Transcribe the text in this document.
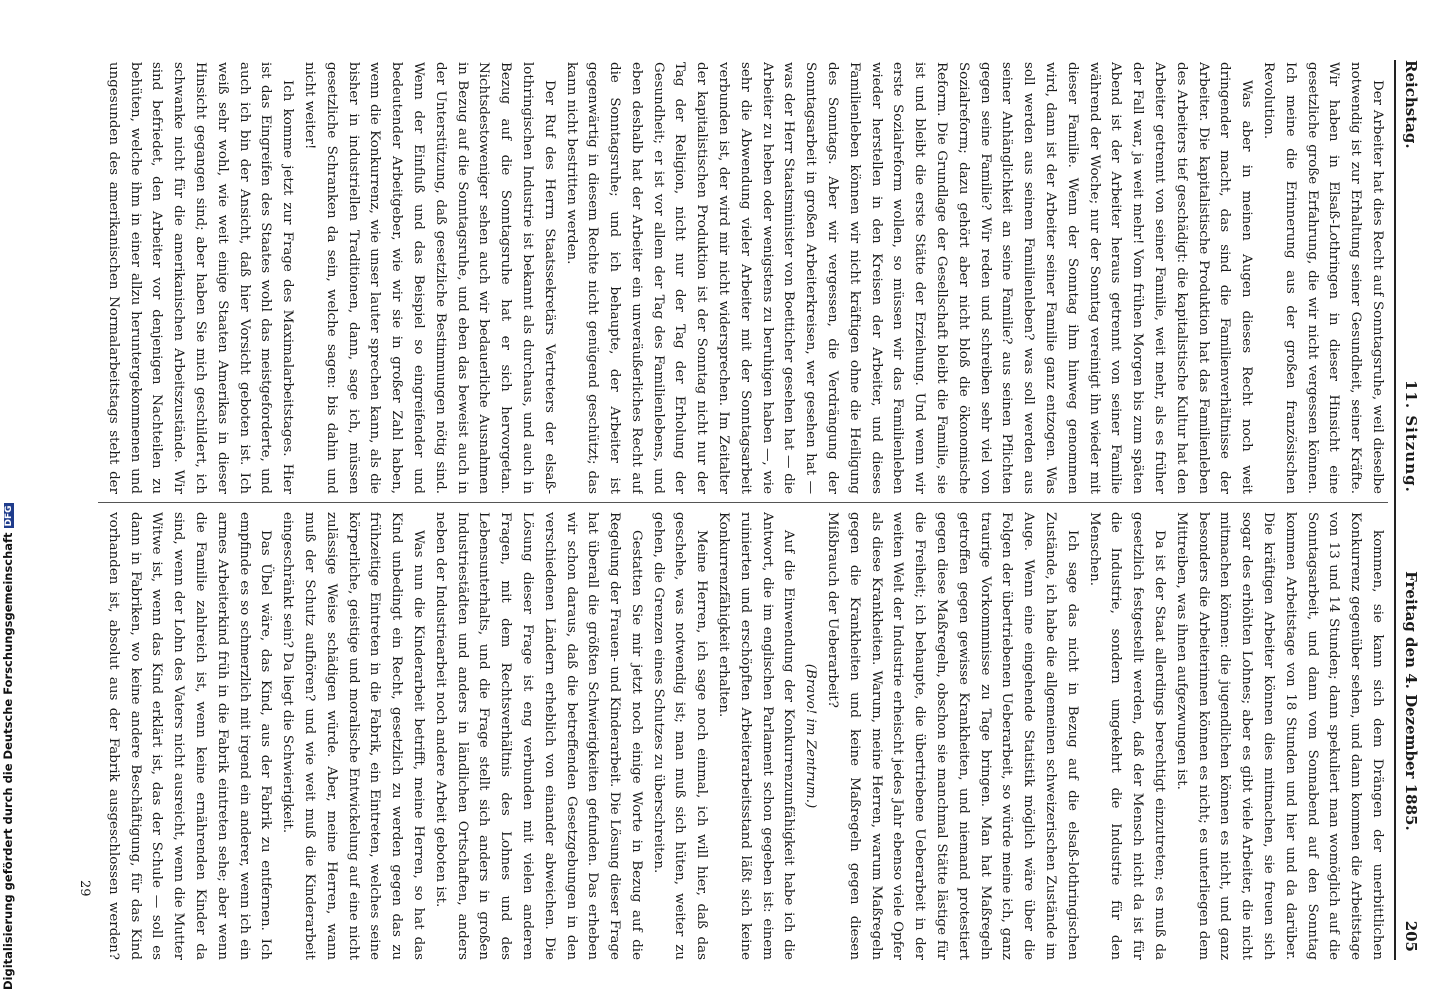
Reichstag.
11. Sitzung.
Freitag den 4. Dezember 1885.205

Der Arbeiter hat dies Recht auf Sonntagsruhe, weil dieselbe notwendig ist zur Erhaltung seiner Gesundheit, seiner Kräfte. Wir haben in Elsaß-Lothringen in dieser Hinsicht eine gesetzliche große Erfahrung, die wir nicht vergessen können. Ich meine die Erinnerung aus der großen französischen Revolution.

Was aber in meinen Augen dieses Recht noch weit dringender macht, das sind die Familienverhältnisse der Arbeiter. Die kapitalistische Produktion hat das Familienleben des Arbeiters tief geschädigt: die kapitalistische Kultur hat den Arbeiter getrennt von seiner Familie, weit mehr, als es früher der Fall war, ja weit mehr! Vom frühen Morgen bis zum späten Abend ist der Arbeiter heraus getrennt von seiner Familie während der Woche; nur der Sonntag vereinigt ihn wieder mit dieser Familie. Wenn der Sonntag ihm hinweg genommen wird, dann ist der Arbeiter seiner Familie ganz entzogen. Was soll werden aus seinem Familienleben? was soll werden aus seiner Anhänglichkeit an seine Familie? aus seinen Pflichten gegen seine Familie? Wir reden und schreiben sehr viel von Sozialreform; dazu gehört aber nicht bloß die ökonomische Reform. Die Grundlage der Gesellschaft bleibt die Familie, sie ist und bleibt die erste Stätte der Erziehung. Und wenn wir erste Sozialreform wollen, so müssen wir das Familienleben wieder herstellen in den Kreisen der Arbeiter, und dieses Familienleben können wir nicht kräftigen ohne die Heiligung des Sonntags. Aber wir vergessen, die Verdrängung der Sonntagsarbeit in großen Arbeiterkreisen, wer gesehen hat — was der Herr Staatsminister von Boetticher gesehen hat — die Arbeiter zu heben oder wenigstens zu beruhigen haben —, wie sehr die Abwendung vieler Arbeiter mit der Sonntagsarbeit verbunden ist, der wird mir nicht widersprechen. Im Zeitalter der kapitalistischen Produktion ist der Sonntag nicht nur der Tag der Religion, nicht nur der Tag der Erholung der Gesundheit; er ist vor allem der Tag des Familienlebens, und eben deshalb hat der Arbeiter ein unveräußerliches Recht auf die Sonntagsruhe; und ich behaupte, der Arbeiter ist gegenwärtig in diesem Rechte nicht genügend geschützt; das kann nicht bestritten werden.

Der Ruf des Herrn Staatssekretärs Vertreters der elsaß-lothringischen Industrie ist bekannt als durchaus, und auch in Bezug auf die Sonntagsruhe hat er sich hervorgetan. Nichtsdestoweniger sehen auch wir bedauerliche Ausnahmen in Bezug auf die Sonntagsruhe, und eben das beweist auch in der Unterstützung, daß gesetzliche Bestimmungen nötig sind. Wenn der Einfluß und das Beispiel so eingreifender und bedeutender Arbeitgeber, wie wir sie in großer Zahl haben, wenn die Konkurrenz, wie unser lauter sprechen kann, als die bisher in industriellen Traditionen, dann, sage ich, müssen gesetzliche Schranken da sein, welche sagen: bis dahin und nicht weiter!

Ich komme jetzt zur Frage des Maximalarbeitstages. Hier ist das Eingreifen des Staates wohl das meistgeforderte, und auch ich bin der Ansicht, daß hier Vorsicht geboten ist. Ich weiß sehr wohl, wie weit einige Staaten Amerikas in dieser Hinsicht gegangen sind; aber haben Sie mich geschildert, ich schwanke nicht für die amerikanischen Arbeitszustände. Wir sind befriedet, den Arbeiter vor denjenigen Nachteilen zu behüten, welche ihm in einer allzu heruntergekommenen und ungesunden des amerikanischen Normalarbeitstags steht der

kommen, sie kann sich dem Drängen der unerbittlichen Konkurrenz gegenüber sehen, und dann kommen die Arbeitstage von 13 und 14 Stunden; dann spekuliert man womöglich auf die Sonntagsarbeit, und dann vom Sonnabend auf den Sonntag kommen Arbeitstage von 18 Stunden und hier und da darüber. Die kräftigen Arbeiter können dies mitmachen, sie freuen sich sogar des erhöhten Lohnes; aber es gibt viele Arbeiter, die nicht mitmachen können: die jugendlichen können es nicht, und ganz besonders die Arbeiterinnen können es nicht; es unterliegen dem Mittreiben, was ihnen aufgezwungen ist.

Da ist der Staat allerdings berechtigt einzutreten; es muß da gesetzlich festgestellt werden, daß der Mensch nicht da ist für die Industrie, sondern umgekehrt die Industrie für den Menschen.

Ich sage das nicht in Bezug auf die elsaß-lothringischen Zustände, ich habe die allgemeinen schweizerischen Zustände im Auge. Wenn eine eingehende Statistik möglich wäre über die Folgen der übertriebenen Ueberarbeit, so würde meine ich, ganz traurige Vorkommnisse zu Tage bringen. Man hat Maßregeln getroffen gegen gewisse Krankheiten, und niemand protestiert gegen diese Maßregeln, obschon sie manchmal Stätte lästige für die Freiheit; ich behaupte, die übertriebene Ueberarbeit in der weiten Welt der Industrie erheischt jedes Jahr ebenso viele Opfer als diese Krankheiten. Warum, meine Herren, warum Maßregeln gegen die Krankheiten und keine Maßregeln gegen diesen Mißbrauch der Ueberarbeit?

(Bravo! im Zentrum.)

Auf die Einwendung der Konkurrenzunfähigkeit habe ich die Antwort, die im englischen Parlament schon gegeben ist: einem ruinierten und erschöpften Arbeiterarbeitsstand läßt sich keine Konkurrenzfähigkeit erhalten.

Meine Herren, ich sage noch einmal, ich will hier, daß das geschehe, was notwendig ist; man muß sich hüten, weiter zu gehen, die Grenzen eines Schutzes zu überschreiten.

Gestatten Sie mir jetzt noch einige Worte in Bezug auf die Regelung der Frauen- und Kinderarbeit. Die Lösung dieser Frage hat überall die größten Schwierigkeiten gefunden. Das erheben wir schon daraus, daß die betreffenden Gesetzgebungen in den verschiedenen Ländern erheblich von einander abweichen. Die Lösung dieser Frage ist eng verbunden mit vielen anderen Fragen, mit dem Rechtsverhältnis des Lohnes und des Lebensunterhalts, und die Frage stellt sich anders in großen Industriestädten und anders in ländlichen Ortschaften, anders neben der Industriearbeit noch andere Arbeit geboten ist.

Was nun die Kinderarbeit betrifft, meine Herren, so hat das Kind unbedingt ein Recht, gesetzlich zu werden gegen das zu frühzeitige Eintreten in die Fabrik, ein Eintreten, welches seine körperliche, geistige und moralische Entwickelung auf eine nicht zulässige Weise schädigen würde. Aber, meine Herren, wann muß der Schutz aufhören? und wie weit muß die Kinderarbeit eingeschränkt sein? Da liegt die Schwierigkeit.

Das Übel wäre, das Kind, aus der Fabrik zu entfernen. Ich empfinde es so schmerzlich mit irgend ein anderer, wenn ich ein armes Arbeiterkind früh in die Fabrik eintreten sehe; aber wenn die Familie zahlreich ist, wenn keine ernährenden Kinder da sind, wenn der Lohn des Vaters nicht ausreicht, wenn die Mutter Witwe ist, wenn das Kind erklärt ist, das der Schule — soll es dann in Fabriken, wo keine andere Beschäftigung, für das Kind vorhanden ist, absolut aus der Fabrik ausgeschlossen werden?

29
Digitalisierung gefördert durch die Deutsche ForschungsgemeinschaftDFG
